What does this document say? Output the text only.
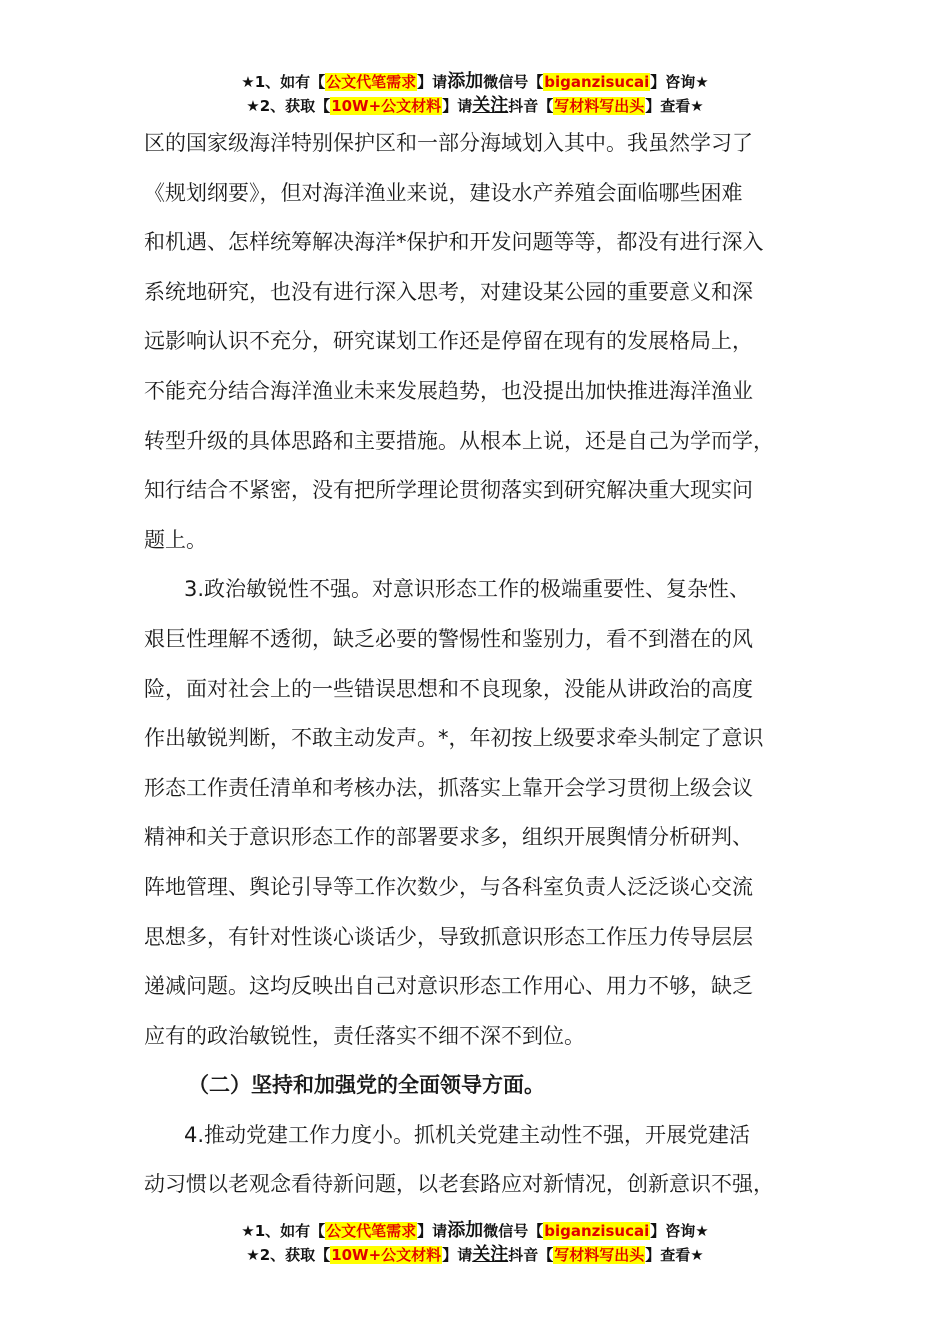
★1、如有【公文代笔需求】请添加微信号【biganzisucai】咨询★
★2、获取【10W+公文材料】请关注抖音【写材料写出头】查看★

区的国家级海洋特别保护区和一部分海域划入其中。我虽然学习了

《规划纲要》，但对海洋渔业来说，建设水产养殖会面临哪些困难

和机遇、怎样统筹解决海洋*保护和开发问题等等，都没有进行深入

系统地研究，也没有进行深入思考，对建设某公园的重要意义和深

远影响认识不充分，研究谋划工作还是停留在现有的发展格局上，

不能充分结合海洋渔业未来发展趋势，也没提出加快推进海洋渔业

转型升级的具体思路和主要措施。从根本上说，还是自己为学而学，

知行结合不紧密，没有把所学理论贯彻落实到研究解决重大现实问

题上。

3.政治敏锐性不强。对意识形态工作的极端重要性、复杂性、

艰巨性理解不透彻，缺乏必要的警惕性和鉴别力，看不到潜在的风

险，面对社会上的一些错误思想和不良现象，没能从讲政治的高度

作出敏锐判断，不敢主动发声。*，年初按上级要求牵头制定了意识

形态工作责任清单和考核办法，抓落实上靠开会学习贯彻上级会议

精神和关于意识形态工作的部署要求多，组织开展舆情分析研判、

阵地管理、舆论引导等工作次数少，与各科室负责人泛泛谈心交流

思想多，有针对性谈心谈话少，导致抓意识形态工作压力传导层层

递减问题。这均反映出自己对意识形态工作用心、用力不够，缺乏

应有的政治敏锐性，责任落实不细不深不到位。

（二）坚持和加强党的全面领导方面。

4.推动党建工作力度小。抓机关党建主动性不强，开展党建活

动习惯以老观念看待新问题，以老套路应对新情况，创新意识不强，

★1、如有【公文代笔需求】请添加微信号【biganzisucai】咨询★
★2、获取【10W+公文材料】请关注抖音【写材料写出头】查看★
